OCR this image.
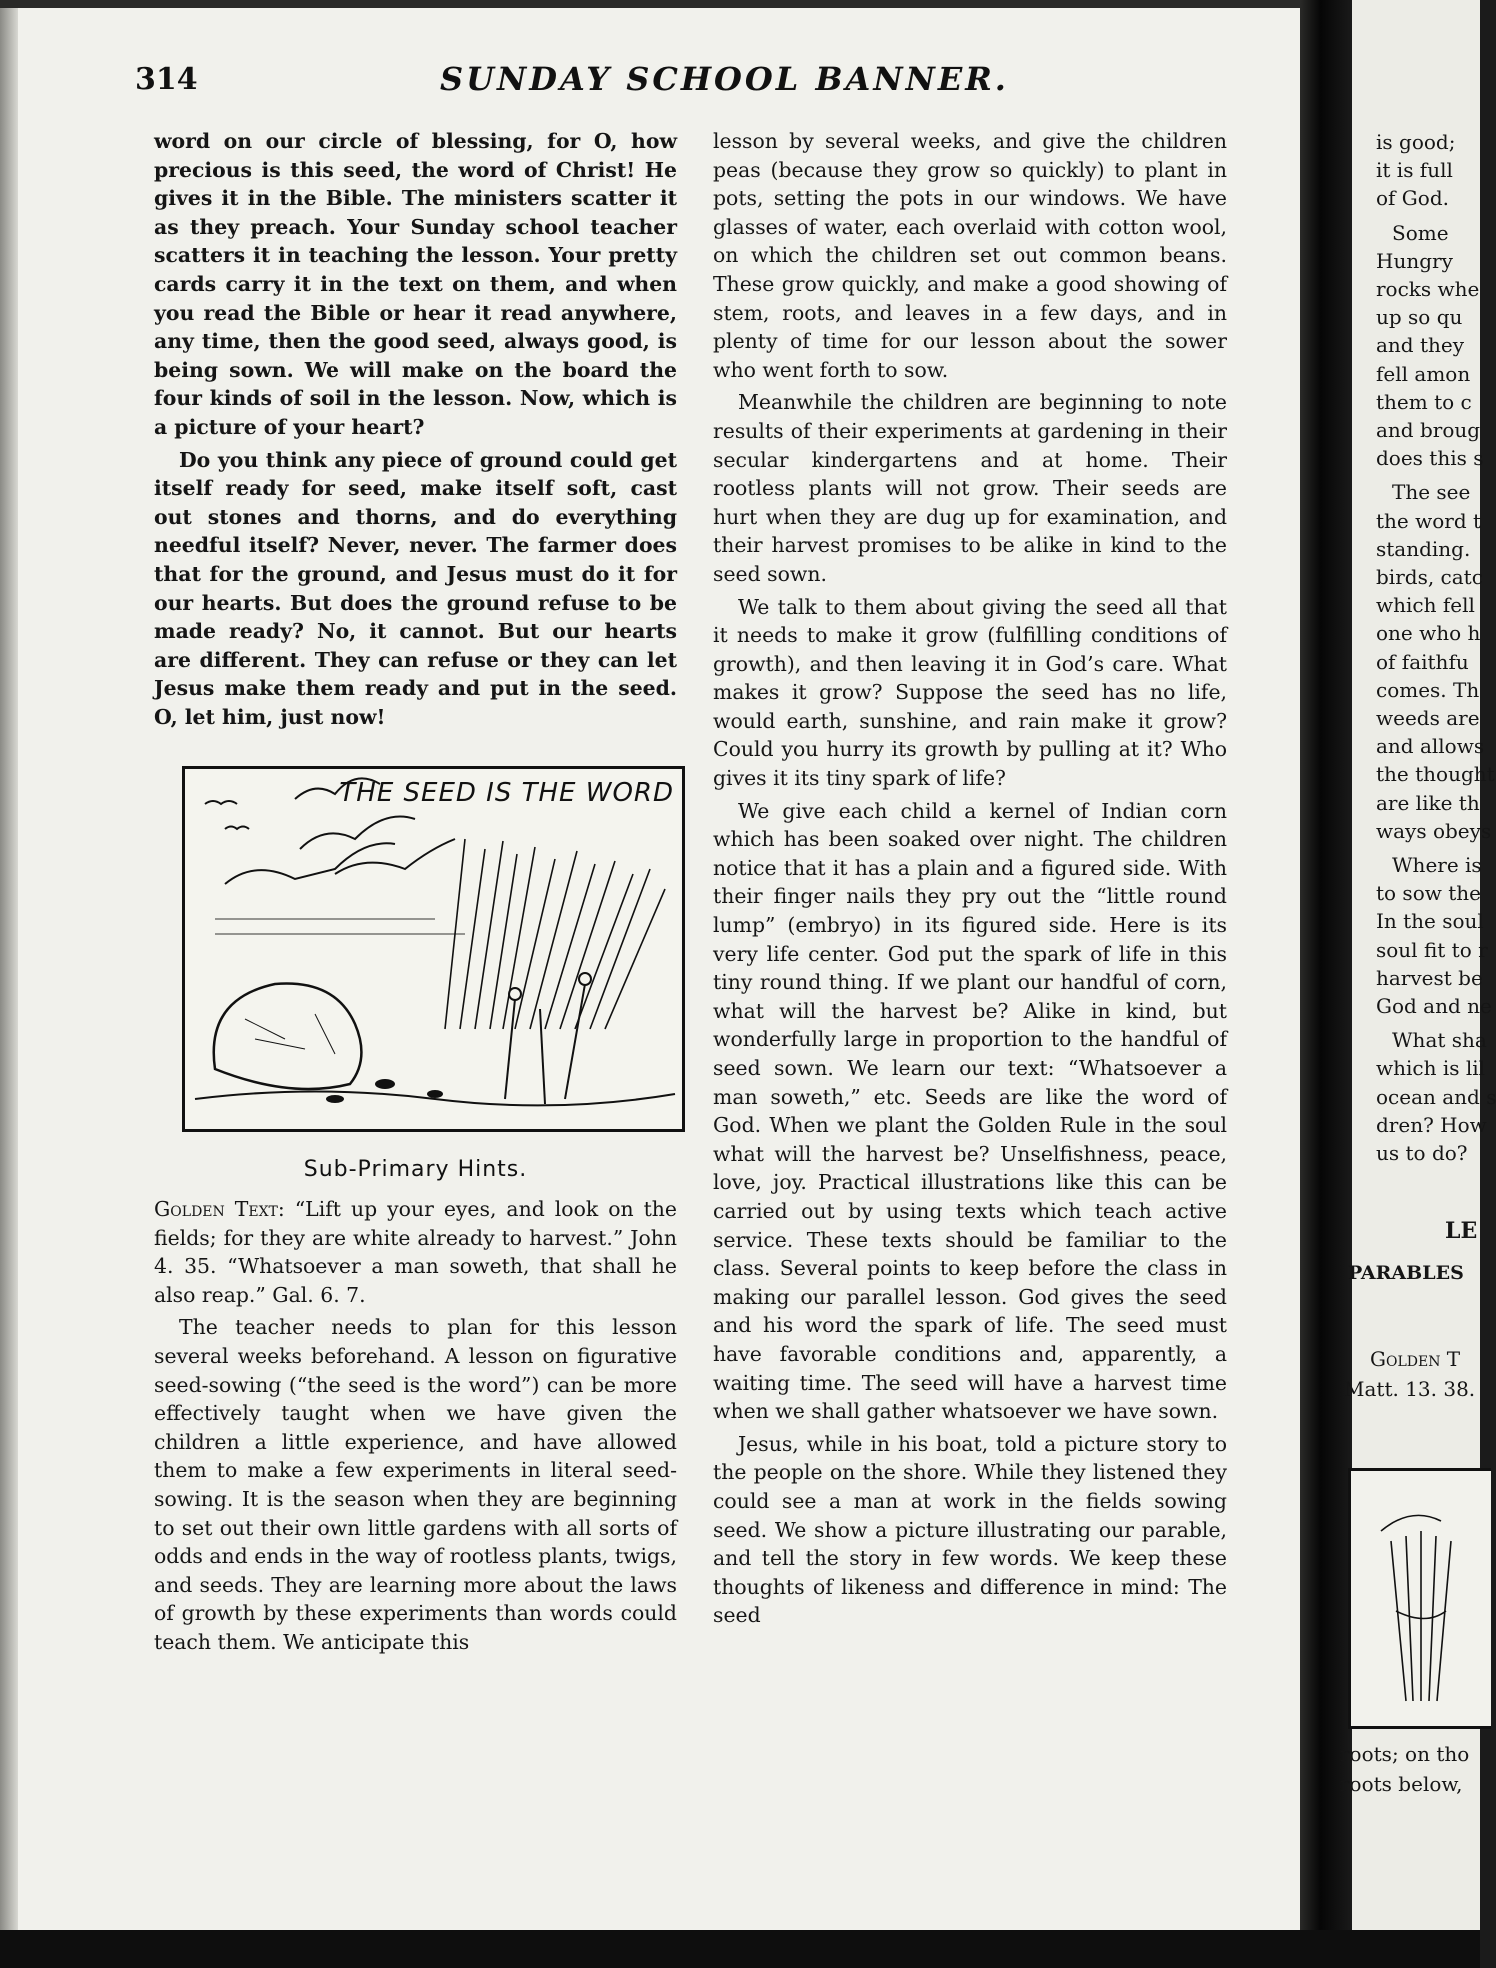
314	SUNDAY SCHOOL BANNER.

word on our circle of blessing, for O, how precious is this seed, the word of Christ! He gives it in the Bible. The ministers scatter it as they preach. Your Sunday school teacher scatters it in teaching the lesson. Your pretty cards carry it in the text on them, and when you read the Bible or hear it read anywhere, any time, then the good seed, always good, is being sown. We will make on the board the four kinds of soil in the lesson. Now, which is a picture of your heart?

Do you think any piece of ground could get itself ready for seed, make itself soft, cast out stones and thorns, and do everything needful itself? Never, never. The farmer does that for the ground, and Jesus must do it for our hearts. But does the ground refuse to be made ready? No, it cannot. But our hearts are different. They can refuse or they can let Jesus make them ready and put in the seed. O, let him, just now!

THE SEED IS THE WORD
Sub-Primary Hints.

Golden Text: “Lift up your eyes, and look on the fields; for they are white already to harvest.” John 4. 35. “Whatsoever a man soweth, that shall he also reap.” Gal. 6. 7.

The teacher needs to plan for this lesson several weeks beforehand. A lesson on figurative seed-sowing (“the seed is the word”) can be more effectively taught when we have given the children a little experience, and have allowed them to make a few experiments in literal seed-sowing. It is the season when they are beginning to set out their own little gardens with all sorts of odds and ends in the way of rootless plants, twigs, and seeds. They are learning more about the laws of growth by these experiments than words could teach them. We anticipate this

lesson by several weeks, and give the children peas (because they grow so quickly) to plant in pots, setting the pots in our windows. We have glasses of water, each overlaid with cotton wool, on which the children set out common beans. These grow quickly, and make a good showing of stem, roots, and leaves in a few days, and in plenty of time for our lesson about the sower who went forth to sow.

Meanwhile the children are beginning to note results of their experiments at gardening in their secular kindergartens and at home. Their rootless plants will not grow. Their seeds are hurt when they are dug up for examination, and their harvest promises to be alike in kind to the seed sown.

We talk to them about giving the seed all that it needs to make it grow (fulfilling conditions of growth), and then leaving it in God’s care. What makes it grow? Suppose the seed has no life, would earth, sunshine, and rain make it grow? Could you hurry its growth by pulling at it? Who gives it its tiny spark of life?

We give each child a kernel of Indian corn which has been soaked over night. The children notice that it has a plain and a figured side. With their finger nails they pry out the “little round lump” (embryo) in its figured side. Here is its very life center. God put the spark of life in this tiny round thing. If we plant our handful of corn, what will the harvest be? Alike in kind, but wonderfully large in proportion to the handful of seed sown. We learn our text: “Whatsoever a man soweth,” etc. Seeds are like the word of God. When we plant the Golden Rule in the soul what will the harvest be? Unselfishness, peace, love, joy. Practical illustrations like this can be carried out by using texts which teach active service. These texts should be familiar to the class. Several points to keep before the class in making our parallel lesson. God gives the seed and his word the spark of life. The seed must have favorable conditions and, apparently, a waiting time. The seed will have a harvest time when we shall gather whatsoever we have sown.

Jesus, while in his boat, told a picture story to the people on the shore. While they listened they could see a man at work in the fields sowing seed. We show a picture illustrating our parable, and tell the story in few words. We keep these thoughts of likeness and difference in mind: The seed

is good;
it is full
of God.
Some
Hungry
rocks whe
up so qu
and they
fell amon
them to c
and broug
does this s
The see
the word t
standing.
birds, catc
which fell
one who h
of faithfu
comes. Th
weeds are
and allows
the thought
are like th
ways obeys
Where is
to sow the
In the soul
soul fit to r
harvest be
God and ne
What sha
which is lil
ocean and s
dren? How
us to do?
LE
PARABLES
Golden T
Matt. 13. 38.
roots; on tho
roots below,
